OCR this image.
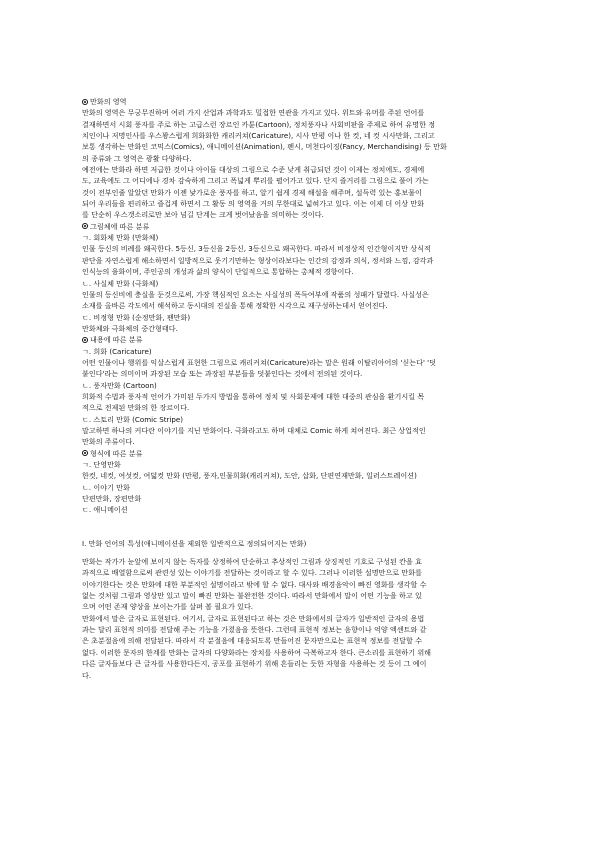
만화의 영역
만화의 영역은 무궁무진하며 여러 가지 산업과 과학과도 밀접한 연관을 가지고 있다. 위트와 유머를 주된 언어를
결재하면서 시회 풍자를 주로 하는 고급스런 장르인 카툰(Cartoon), 정치풍자나 사회비판을 주제로 하여 유명한 정
치인이나 저명인사를 우스꽝스럽게 희화화한 캐리커쳐(Caricature), 시사 만평 이나 한 컷, 네 컷 시사만화, 그리고
보통 생각하는 만화인 코믹스(Comics), 애니메이션(Animation), 펜시, 머천다이징(Fancy, Merchandising) 등 만화
의 종류와 그 영역은 광활 다양하다.
예전에는 만화라 하면 저급한 것이나 아이들 대상의 그림으로 수준 낮게 취급되던 것이 이제는 정치에도, 경제에
도, 교육에도 그 어디에나 경차 감숙하게 그리고 폭넓게 뿌리를 펼어가고 있다. 단지 즐거리를 그림으로 풀어 가는
것이 전부인줄 알았던 만화가 이젠 낯가로운 풍자를 하고, 알기 쉽게 경제 해설을 해주며, 설득력 있는 홍보물이
되어 우리들을 편리하고 즐겁게 하면서 그 활동 의 영역을 거의 무한대로 넓혀가고 있다. 이는 이제 더 이상 만화
를 단순히 우스갯소리로만 보아 넘길 단계는 크게 벗어났음을 의미하는 것이다.
그림체에 따른 분류
ㄱ. 회화체 만화 (만화체)
인물 등신의 비례를 왜곡한다. 5등신, 3등신을 2등신, 3등신으로 왜곡한다. 따라서 비정상적 인간형이지만 상식적
판단을 자연스럽게 해소하면서 일방적으로 웃기기만하는 형상이라보다는 인간의 감정과 의식, 정서와 느낌, 감각과
인식능의 융화이며, 주인공의 개성과 삶의 양식이 단일적으로 통합하는 총체적 경향이다.
ㄴ. 사실체 만화 (극화체)
인물의 등신비에 충실을 둔것으로써, 가장 핵심적인 요소는 사실성의 폭득여부에 작품의 성패가 달렸다. 사실성은
소재를 올바른 각도에서 해석하고 동시대의 진실을 통해 정확한 시각으로 재구성하는데서 얻어진다.
ㄷ. 비정형 만화 (순정만화, 팬만화)
만화체와 극화체의 중간형태다.
내용에 따른 분류
ㄱ. 희화 (Caricature)
어떤 인물이나 행위를 익살스럽게 표현한 그림으로 캐리커쳐(Caricature)라는 말은 원래 이탈리아어의 '싣는다' '덧
붙인다'라는 의미이며 과장된 모습 또는 과장된 부분들을 덧붙인다는 것에서 전의된 것이다.
ㄴ. 풍자만화 (Cartoon)
희화적 수법과 풍자적 언어가 가미된 두가지 방법을 통하여 정치 및 사회문제에 대한 대중의 관심을 환기시킬 목
적으로 전제된 만화의 한 장르이다.
ㄷ. 스토리 만화 (Comic Stripe)
말고하면 하나의 커다란 이야기를 지닌 만화이다. 극화라고도 하며 대체로 Comic 하게 쳐여진다. 최근 상업적인
만화의 주류이다.
형식에 따른 분류
ㄱ. 단영만화
한컷, 네컷, 여섯컷, 여덟컷 만화 (만평, 풍자,인물희화(캐리커쳐), 도안, 삽화, 단편연재만화, 일러스트레이션)
ㄴ. 이야기 만화
단편만화, 장편만화
ㄷ. 애니메이션
I. 만화 언어의 특성(애니메이션을 제외한 일반적으로 정의되어지는 만화)
만화는 작가가 눈앞에 보이지 않는 독자를 상정하여 단순하고 추상적인 그림과 상징적인 기호로 구성된 칸을 효
과적으로 배열함으로써 관련성 있는 이야기를 전달하는 것이라고 할 수 있다. 그러나 이러한 설명만으로 만화를
이야기한다는 것은 만화에 대한 부분적인 설명이라고 밖에 할 수 없다. 대사와 배경음악이 빠진 영화를 생각할 수
없는 것처럼 그림과 영상만 있고 말이 빠진 만화는 불완전한 것이다. 따라서 만화에서 말이 어떤 기능을 하고 있
으며 어떤 존재 양상을 보이는가를 살펴 볼 필요가 있다.
만화에서 말은 글자로 표현된다. 여기서, 글자로 표현된다고 하는 것은 만화에서의 글자가 일반적인 글자의 용법
과는 달리 표현적 의미를 전달해 주는 기능을 가졌음을 뜻한다. 그런데 표현적 정보는 음향이나 억양 액센트와 같
은 초분절음에 의해 전달된다. 따라서 각 분절음에 대응되도록 만들어진 문자만으로는 표현적 정보를 전달할 수
없다. 이러한 문자의 한계를 만화는 글자의 다양화라는 장치를 사용하여 극복하고자 한다. 큰소리를 표현하기 위해
다른 글자들보다 큰 글자를 사용한다든지, 공포를 표현하기 위해 흔들리는 듯한 자형을 사용하는 것 등이 그 예이
다.
